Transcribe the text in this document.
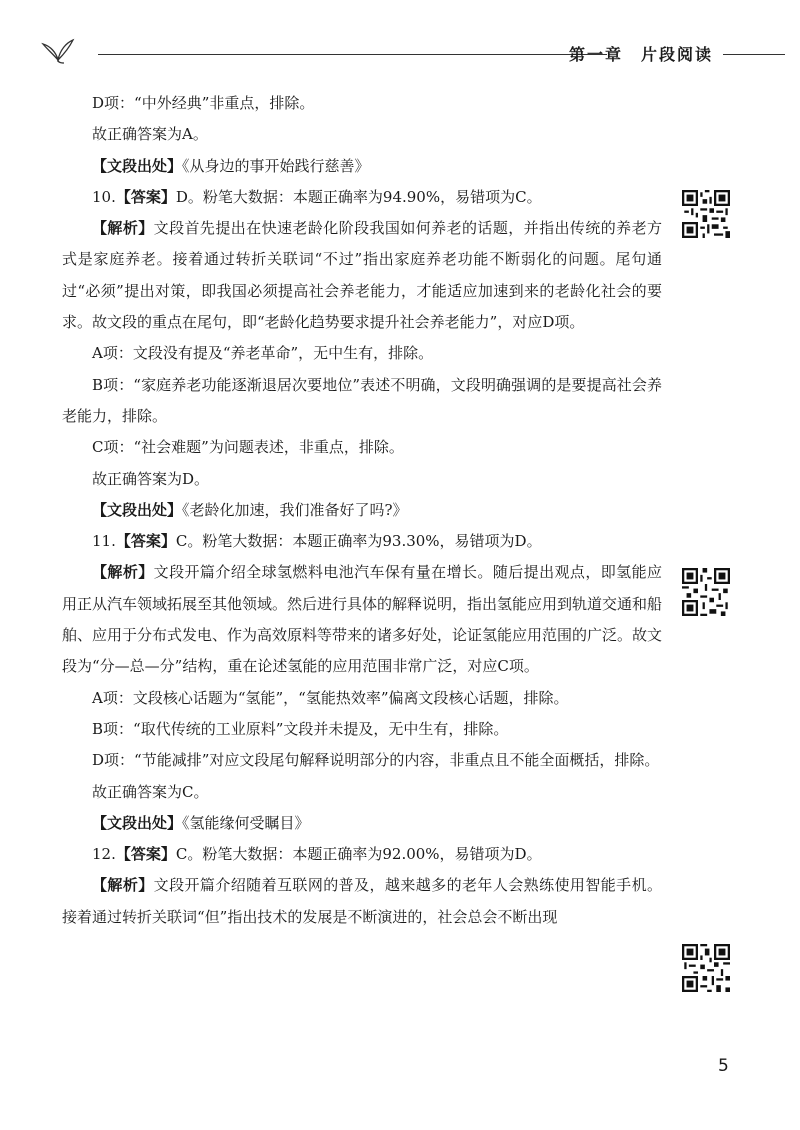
第一章　片段阅读

D项：“中外经典”非重点，排除。

故正确答案为A。

【文段出处】《从身边的事开始践行慈善》

10.【答案】D。粉笔大数据：本题正确率为94.90%，易错项为C。

【解析】文段首先提出在快速老龄化阶段我国如何养老的话题，并指出传统的养老方式是家庭养老。接着通过转折关联词“不过”指出家庭养老功能不断弱化的问题。尾句通过“必须”提出对策，即我国必须提高社会养老能力，才能适应加速到来的老龄化社会的要求。故文段的重点在尾句，即“老龄化趋势要求提升社会养老能力”，对应D项。

A项：文段没有提及“养老革命”，无中生有，排除。

B项：“家庭养老功能逐渐退居次要地位”表述不明确，文段明确强调的是要提高社会养老能力，排除。

C项：“社会难题”为问题表述，非重点，排除。

故正确答案为D。

【文段出处】《老龄化加速，我们准备好了吗?》

11.【答案】C。粉笔大数据：本题正确率为93.30%，易错项为D。

【解析】文段开篇介绍全球氢燃料电池汽车保有量在增长。随后提出观点，即氢能应用正从汽车领域拓展至其他领域。然后进行具体的解释说明，指出氢能应用到轨道交通和船舶、应用于分布式发电、作为高效原料等带来的诸多好处，论证氢能应用范围的广泛。故文段为“分—总—分”结构，重在论述氢能的应用范围非常广泛，对应C项。

A项：文段核心话题为“氢能”，“氢能热效率”偏离文段核心话题，排除。

B项：“取代传统的工业原料”文段并未提及，无中生有，排除。

D项：“节能减排”对应文段尾句解释说明部分的内容，非重点且不能全面概括，排除。

故正确答案为C。

【文段出处】《氢能缘何受瞩目》

12.【答案】C。粉笔大数据：本题正确率为92.00%，易错项为D。

【解析】文段开篇介绍随着互联网的普及，越来越多的老年人会熟练使用智能手机。接着通过转折关联词“但”指出技术的发展是不断演进的，社会总会不断出现

5
